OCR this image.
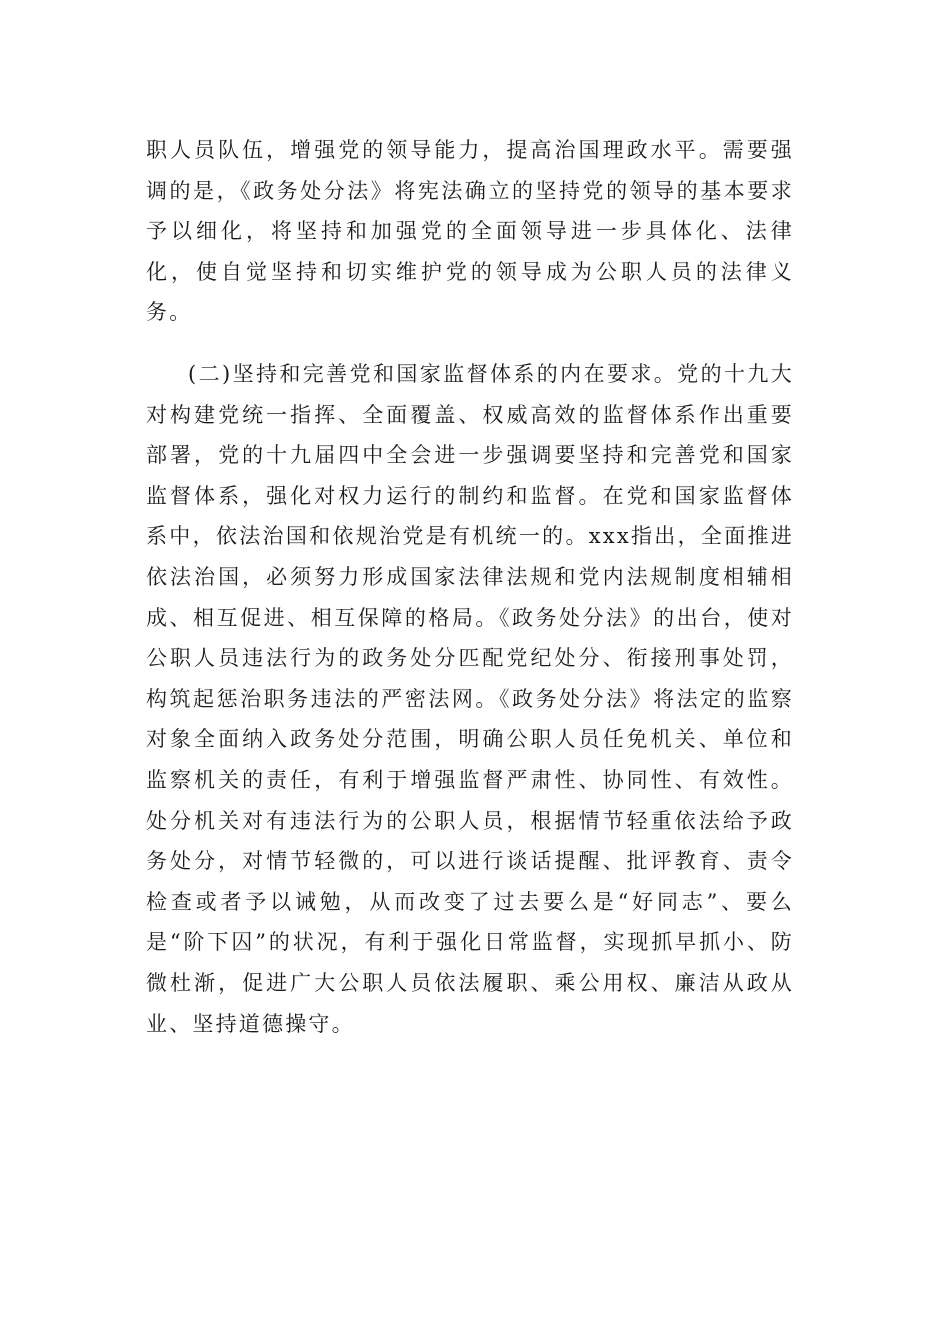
职人员队伍，增强党的领导能力，提高治国理政水平。需要强调的是，《政务处分法》将宪法确立的坚持党的领导的基本要求予以细化，将坚持和加强党的全面领导进一步具体化、法律化，使自觉坚持和切实维护党的领导成为公职人员的法律义务。

(二)坚持和完善党和国家监督体系的内在要求。党的十九大对构建党统一指挥、全面覆盖、权威高效的监督体系作出重要部署，党的十九届四中全会进一步强调要坚持和完善党和国家监督体系，强化对权力运行的制约和监督。在党和国家监督体系中，依法治国和依规治党是有机统一的。xxx指出，全面推进依法治国，必须努力形成国家法律法规和党内法规制度相辅相成、相互促进、相互保障的格局。《政务处分法》的出台，使对公职人员违法行为的政务处分匹配党纪处分、衔接刑事处罚，构筑起惩治职务违法的严密法网。《政务处分法》将法定的监察对象全面纳入政务处分范围，明确公职人员任免机关、单位和监察机关的责任，有利于增强监督严肃性、协同性、有效性。处分机关对有违法行为的公职人员，根据情节轻重依法给予政务处分，对情节轻微的，可以进行谈话提醒、批评教育、责令检查或者予以诫勉，从而改变了过去要么是“好同志”、要么是“阶下囚”的状况，有利于强化日常监督，实现抓早抓小、防微杜渐，促进广大公职人员依法履职、乘公用权、廉洁从政从业、坚持道德操守。
